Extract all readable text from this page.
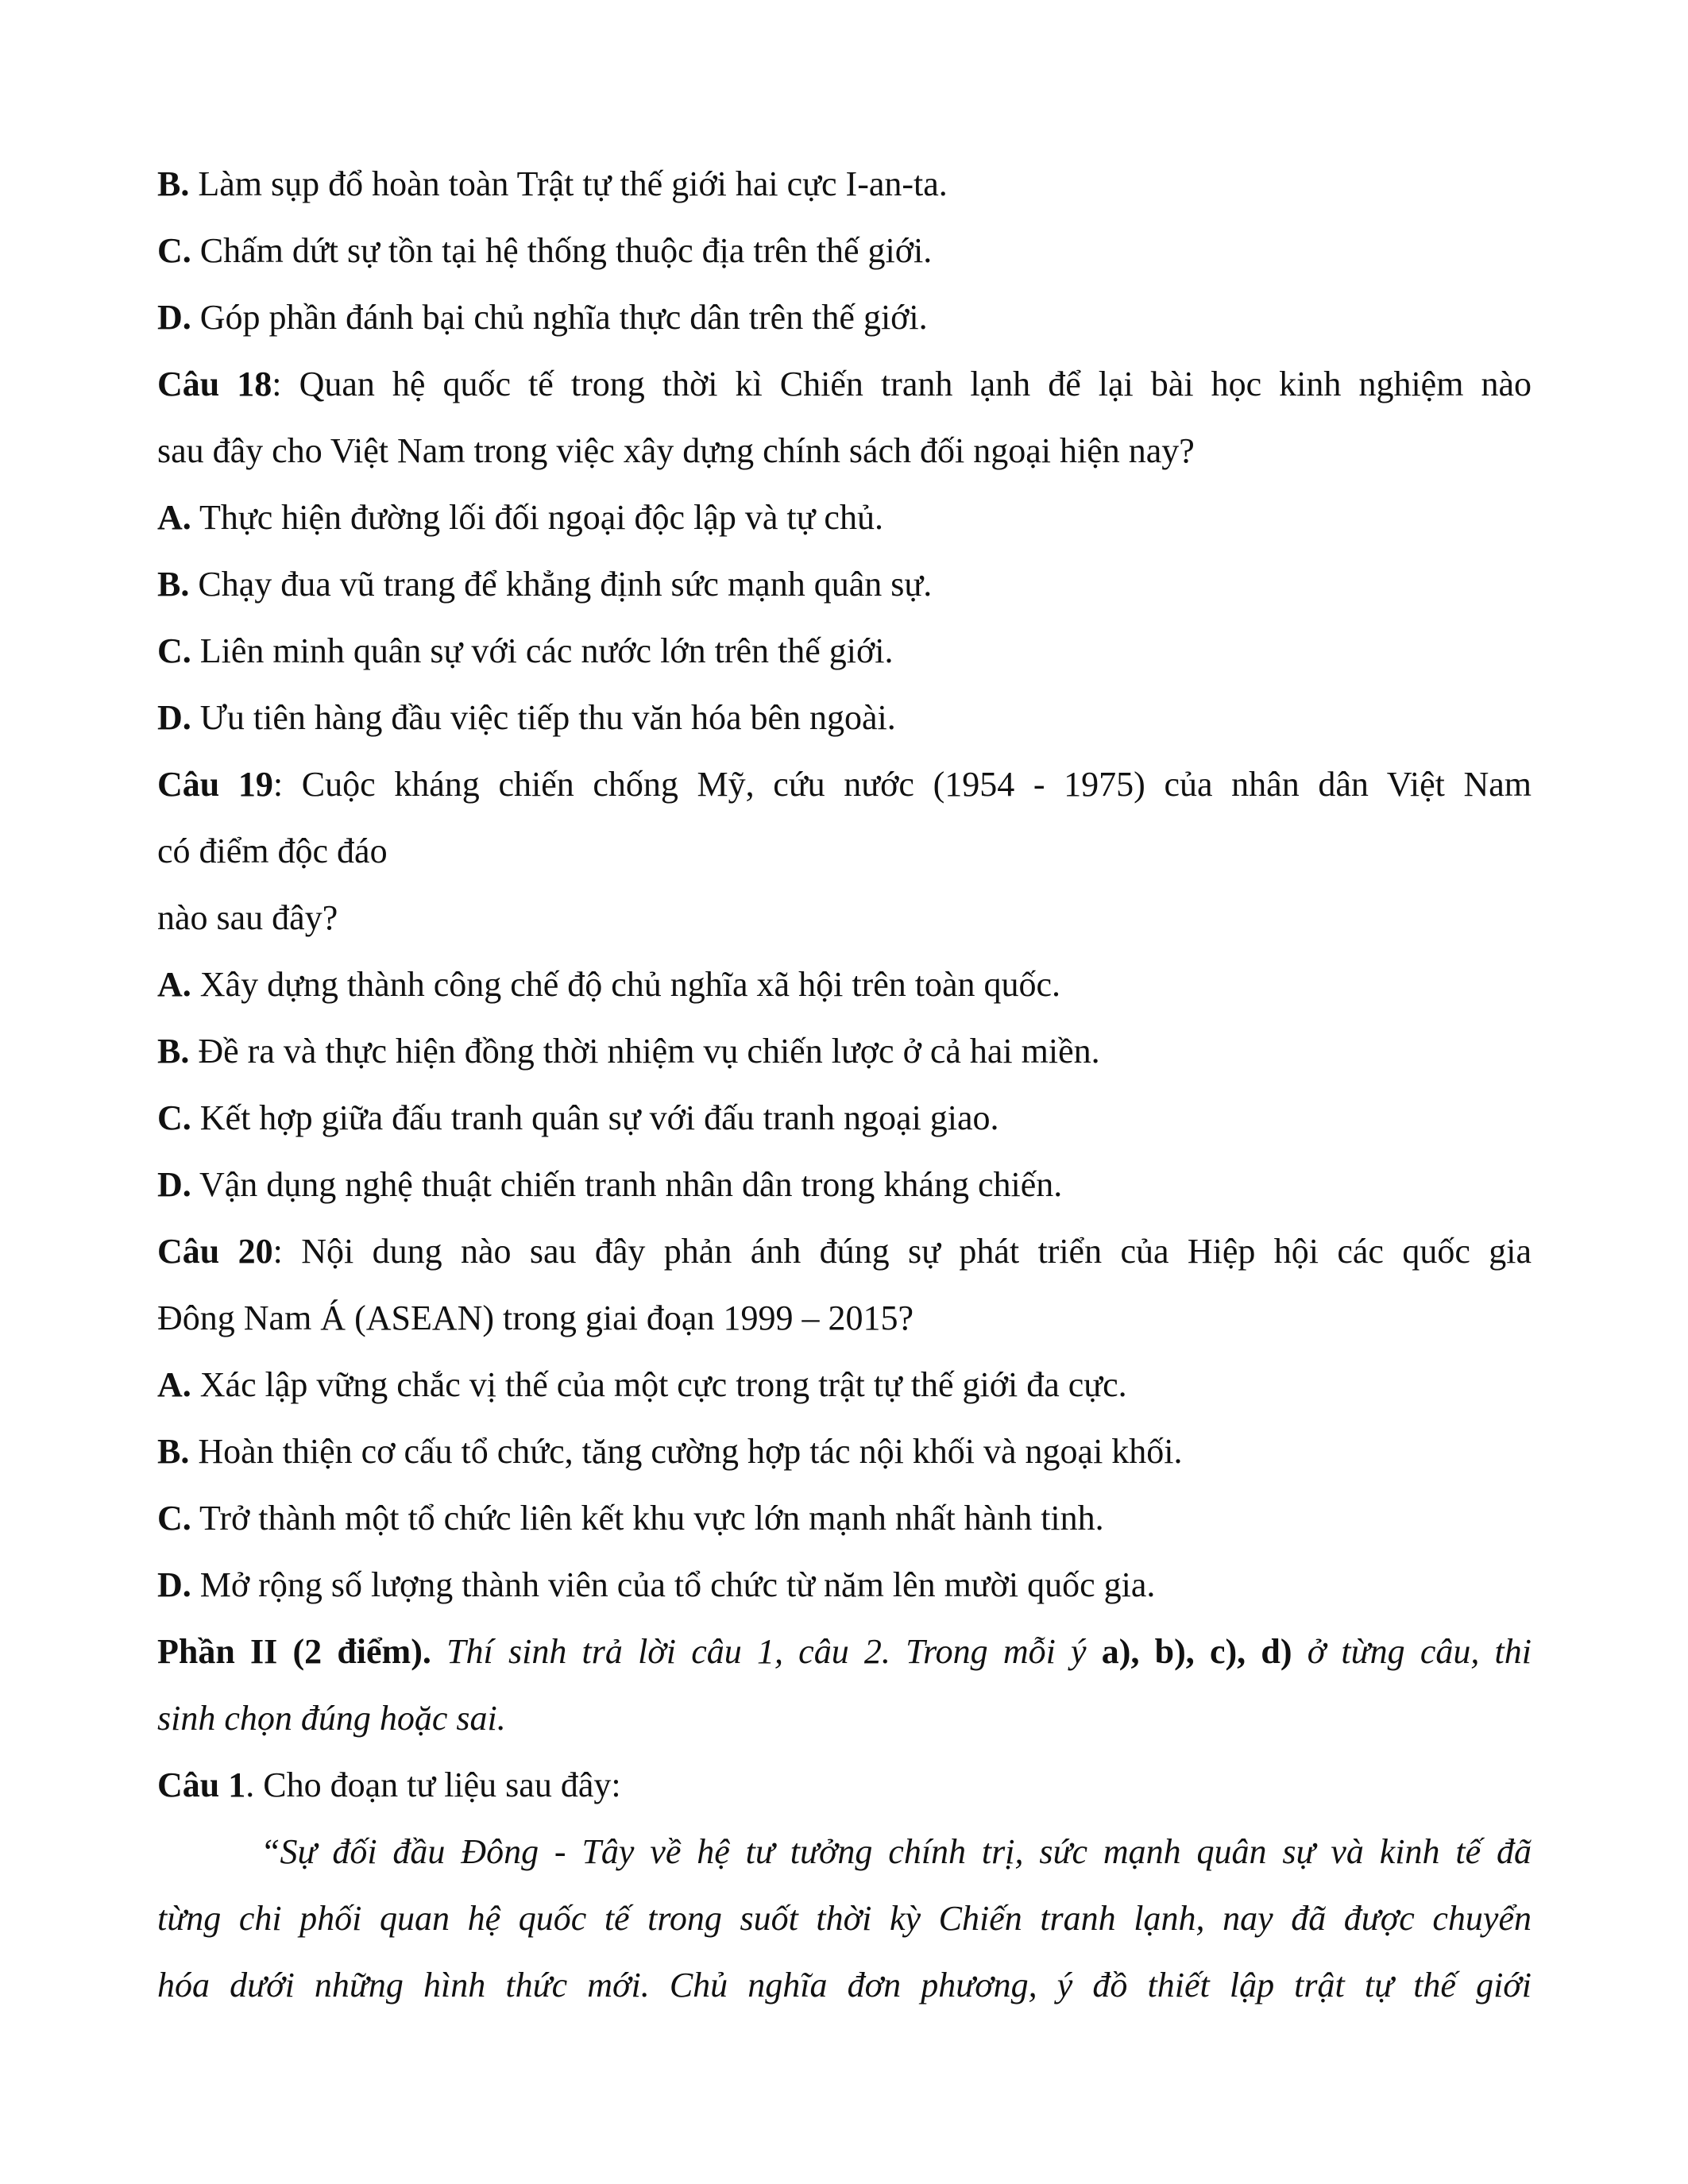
B. Làm sụp đổ hoàn toàn Trật tự thế giới hai cực I-an-ta.

C. Chấm dứt sự tồn tại hệ thống thuộc địa trên thế giới.

D. Góp phần đánh bại chủ nghĩa thực dân trên thế giới.

Câu 18: Quan hệ quốc tế trong thời kì Chiến tranh lạnh để lại bài học kinh nghiệm nào

sau đây cho Việt Nam trong việc xây dựng chính sách đối ngoại hiện nay?

A. Thực hiện đường lối đối ngoại độc lập và tự chủ.

B. Chạy đua vũ trang để khẳng định sức mạnh quân sự.

C. Liên minh quân sự với các nước lớn trên thế giới.

D. Ưu tiên hàng đầu việc tiếp thu văn hóa bên ngoài.

Câu 19: Cuộc kháng chiến chống Mỹ, cứu nước (1954 - 1975) của nhân dân Việt Nam

có điểm độc đáo

nào sau đây?

A. Xây dựng thành công chế độ chủ nghĩa xã hội trên toàn quốc.

B. Đề ra và thực hiện đồng thời nhiệm vụ chiến lược ở cả hai miền.

C. Kết hợp giữa đấu tranh quân sự với đấu tranh ngoại giao.

D. Vận dụng nghệ thuật chiến tranh nhân dân trong kháng chiến.

Câu 20: Nội dung nào sau đây phản ánh đúng sự phát triển của Hiệp hội các quốc gia

Đông Nam Á (ASEAN) trong giai đoạn 1999 – 2015?

A. Xác lập vững chắc vị thế của một cực trong trật tự thế giới đa cực.

B. Hoàn thiện cơ cấu tổ chức, tăng cường hợp tác nội khối và ngoại khối.

C. Trở thành một tổ chức liên kết khu vực lớn mạnh nhất hành tinh.

D. Mở rộng số lượng thành viên của tổ chức từ năm lên mười quốc gia.

Phần II (2 điểm). Thí sinh trả lời câu 1, câu 2. Trong mỗi ý a), b), c), d) ở từng câu, thi

sinh chọn đúng hoặc sai.

Câu 1. Cho đoạn tư liệu sau đây:

“Sự đối đầu Đông - Tây về hệ tư tưởng chính trị, sức mạnh quân sự và kinh tế đã

từng chi phối quan hệ quốc tế trong suốt thời kỳ Chiến tranh lạnh, nay đã được chuyển

hóa dưới những hình thức mới. Chủ nghĩa đơn phương, ý đồ thiết lập trật tự thế giới
